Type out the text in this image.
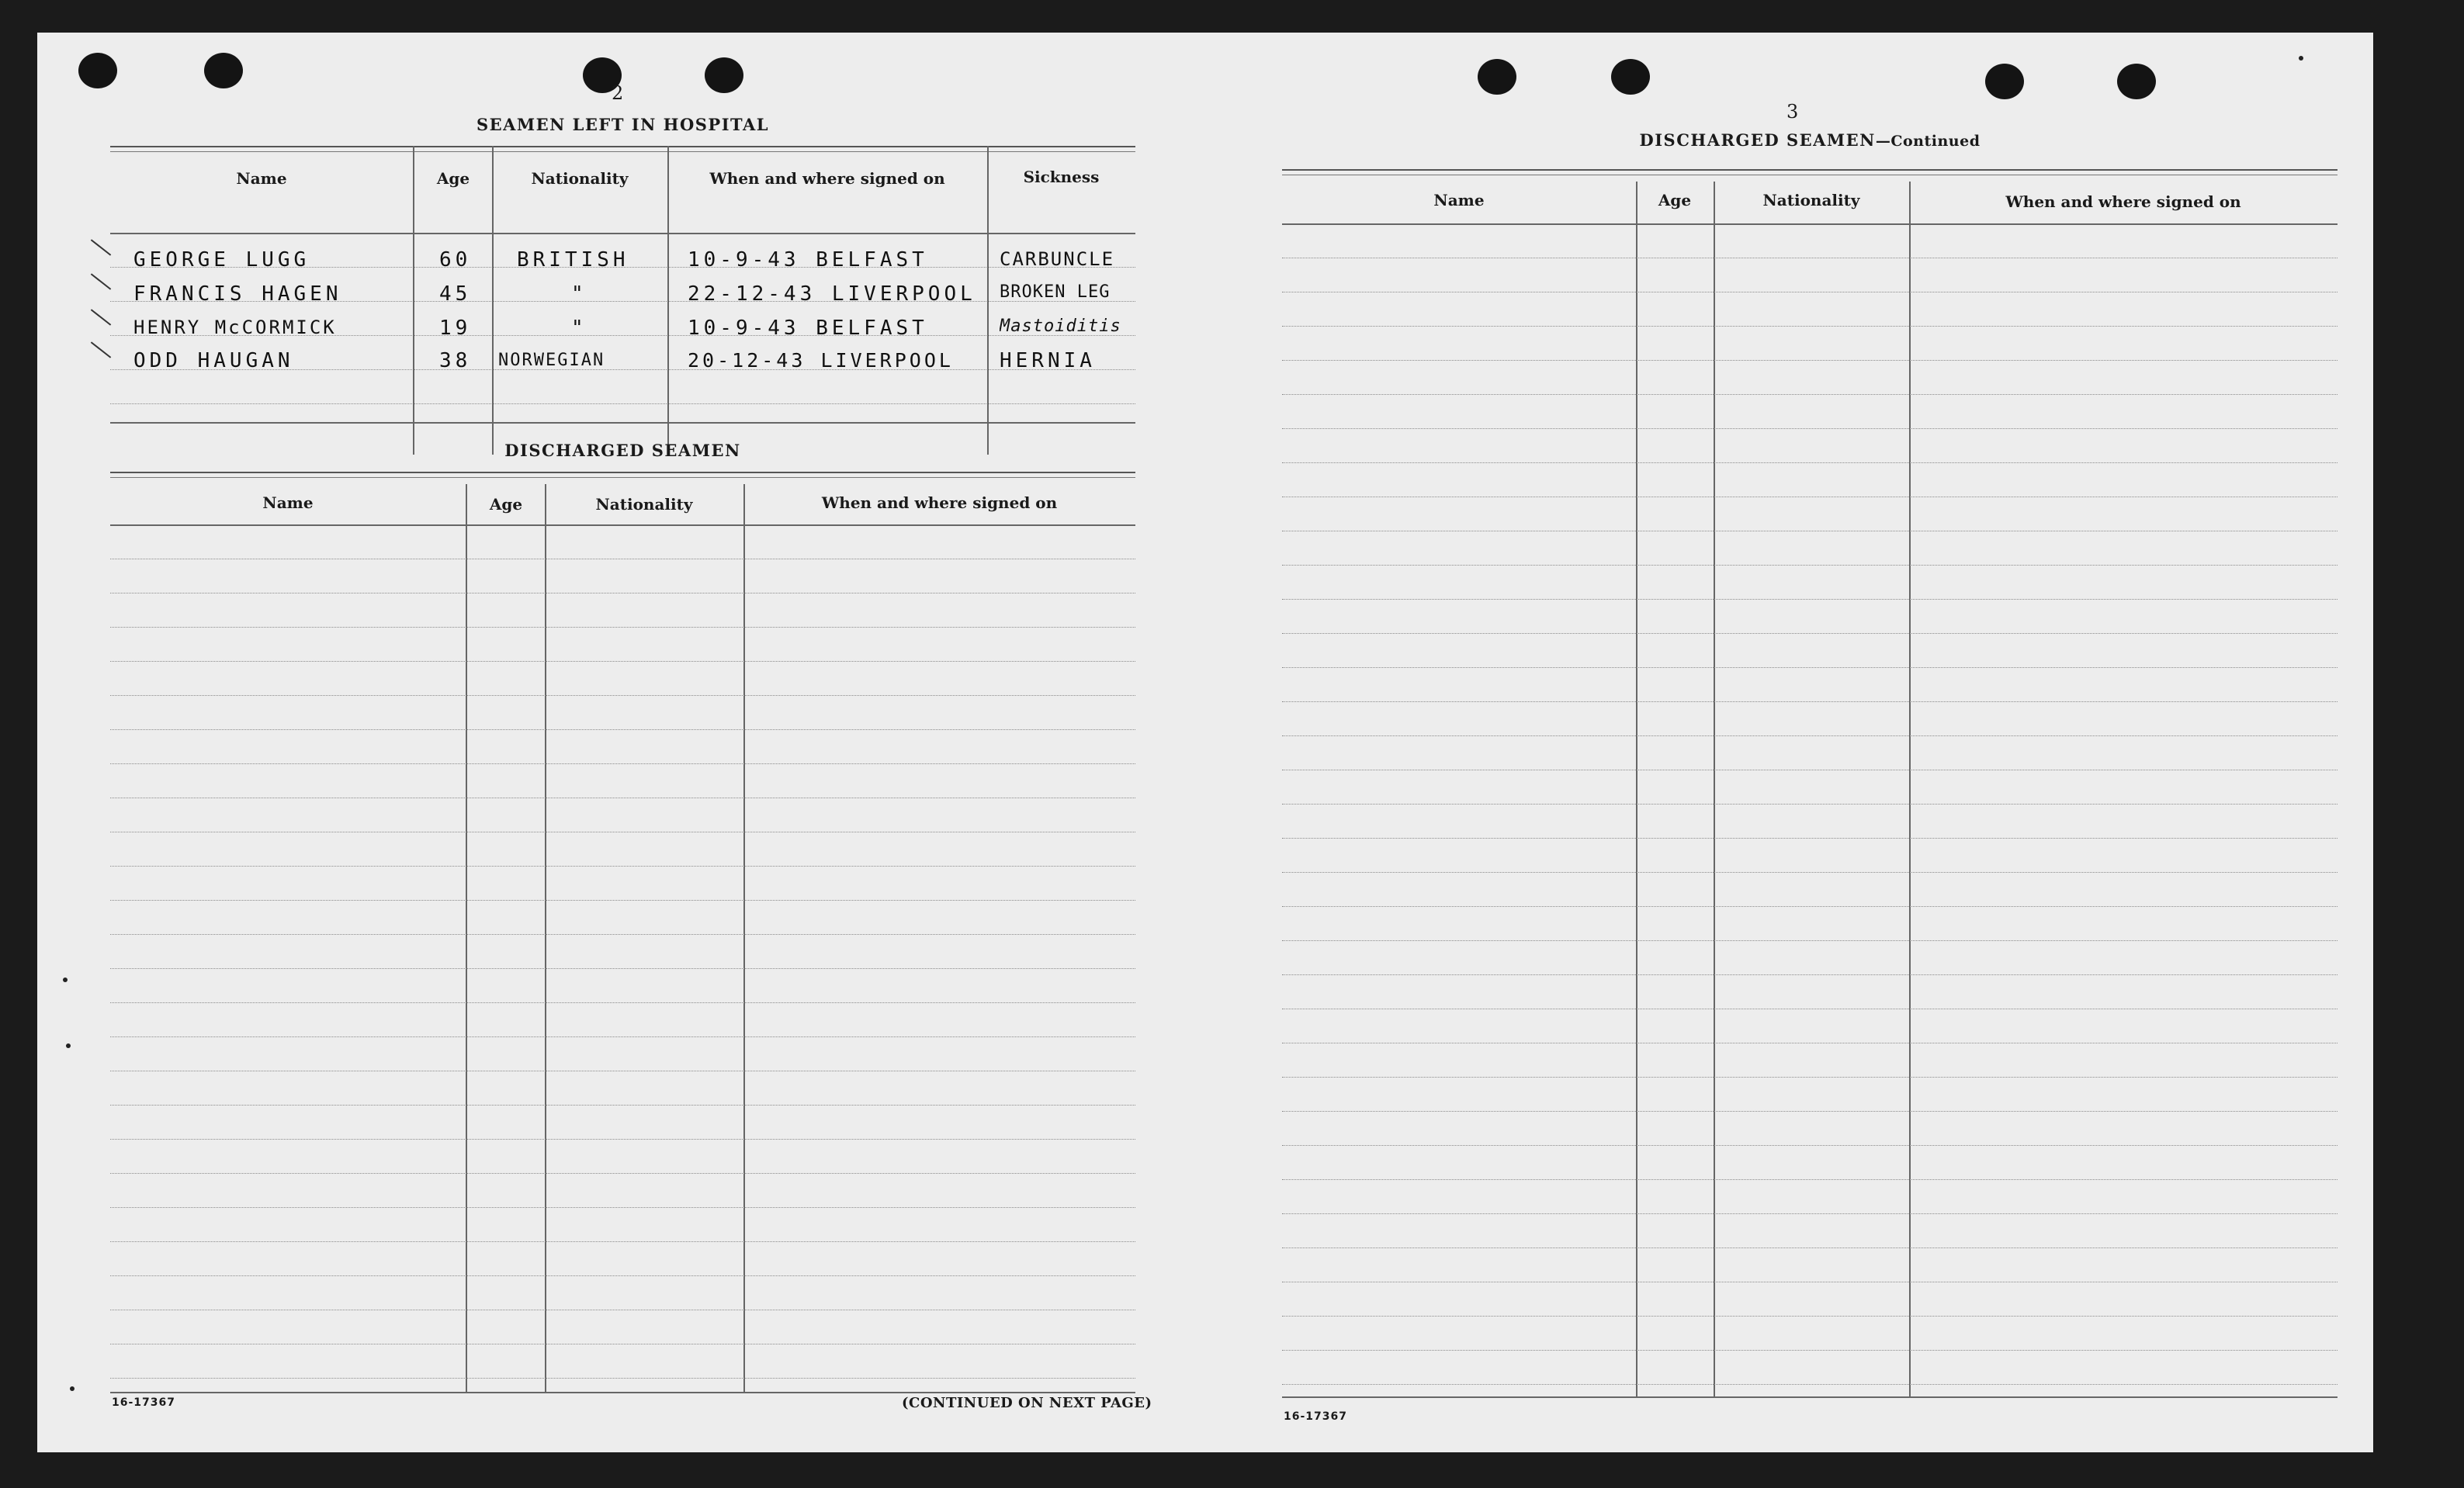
2
SEAMEN LEFT IN HOSPITAL
Name	Age	Nationality	When and where signed on	Sickness
GEORGE LUGG	60	BRITISH	10-9-43 BELFAST	CARBUNCLE
FRANCIS HAGEN	45	"	22-12-43 LIVERPOOL	BROKEN LEG
HENRY McCORMICK	19	"	10-9-43 BELFAST	Mastoiditis
ODD HAUGAN	38	NORWEGIAN	20-12-43 LIVERPOOL	HERNIA
DISCHARGED SEAMEN
Name	Age	Nationality	When and where signed on
16-17367	(CONTINUED ON NEXT PAGE)
3
DISCHARGED SEAMEN—Continued
Name	Age	Nationality	When and where signed on
16-17367
